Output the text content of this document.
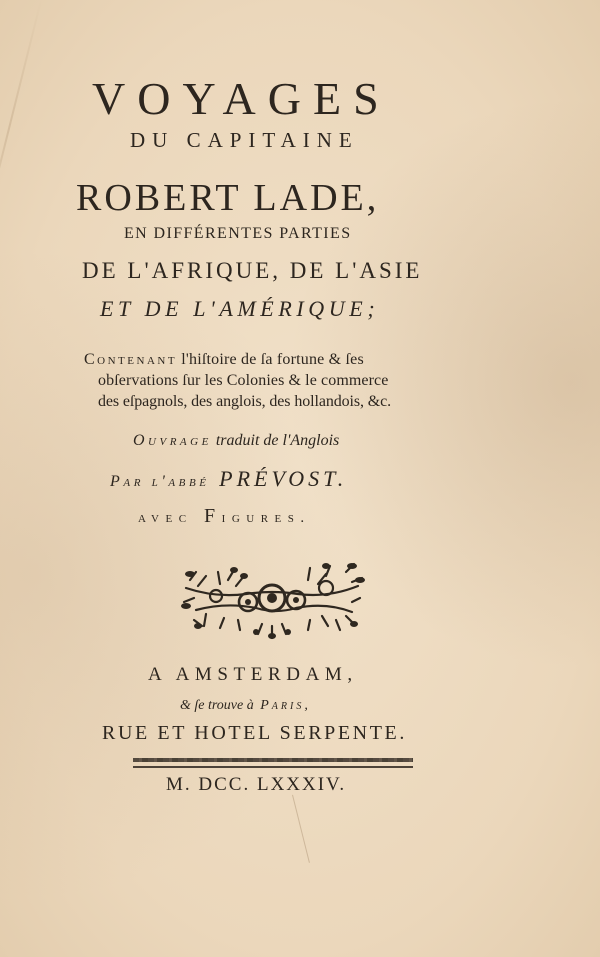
VOYAGES
DU CAPITAINE
ROBERT LADE,
EN DIFFÉRENTES PARTIES
DE L'AFRIQUE, DE L'ASIE
ET DE L'AMÉRIQUE;
Contenant l'hiſtoire de ſa fortune & ſes
obſervations ſur les Colonies & le commerce
des eſpagnols, des anglois, des hollandois, &c.
Ouvrage traduit de l'Anglois
Par l'abbé PRÉVOST.
avec Figures.
A AMSTERDAM,
& ſe trouve à Paris,
RUE ET HOTEL SERPENTE.
M. DCC. LXXXIV.
